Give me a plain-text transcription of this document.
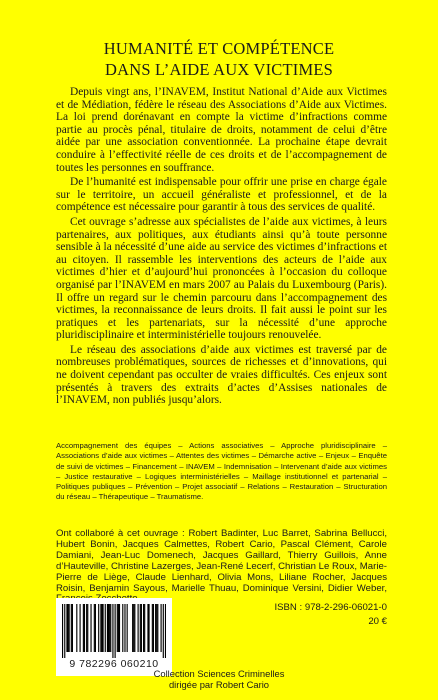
HUMANITÉ ET COMPÉTENCE
DANS L’AIDE AUX VICTIMES

Depuis vingt ans, l’INAVEM, Institut National d’Aide aux Victimes et de Médiation, fédère le réseau des Associations d’Aide aux Victimes. La loi prend dorénavant en compte la victime d’infractions comme partie au procès pénal, titulaire de droits, notamment de celui d’être aidée par une association conventionnée. La prochaine étape devrait conduire à l’effectivité réelle de ces droits et de l’accompagnement de toutes les personnes en souffrance.

De l’humanité est indispensable pour offrir une prise en charge égale sur le territoire, un accueil généraliste et professionnel, et de la compétence est nécessaire pour garantir à tous des services de qualité.

Cet ouvrage s’adresse aux spécialistes de l’aide aux victimes, à leurs partenaires, aux politiques, aux étudiants ainsi qu’à toute personne sensible à la nécessité d’une aide au service des victimes d’infractions et au citoyen. Il rassemble les interventions des acteurs de l’aide aux victimes d’hier et d’aujourd’hui prononcées à l’occasion du colloque organisé par l’INAVEM en mars 2007 au Palais du Luxembourg (Paris). Il offre un regard sur le chemin parcouru dans l’accompagnement des victimes, la reconnaissance de leurs droits. Il fait aussi le point sur les pratiques et les partenariats, sur la nécessité d’une approche pluridisciplinaire et interministérielle toujours renouvelée.

Le réseau des associations d’aide aux victimes est traversé par de nombreuses problématiques, sources de richesses et d’innovations, qui ne doivent cependant pas occulter de vraies difficultés. Ces enjeux sont présentés à travers des extraits d’actes d’Assises nationales de l’INAVEM, non publiés jusqu’alors.

Accompagnement des équipes – Actions associatives – Approche pluridisciplinaire – Associations d’aide aux victimes – Attentes des victimes – Démarche active – Enjeux – Enquête de suivi de victimes – Financement – INAVEM – Indemnisation – Intervenant d’aide aux victimes – Justice restaurative – Logiques interministérielles – Maillage institutionnel et partenarial – Politiques publiques – Prévention – Projet associatif – Relations – Restauration – Structuration du réseau – Thérapeutique – Traumatisme.
Ont collaboré à cet ouvrage : Robert Badinter, Luc Barret, Sabrina Bellucci, Hubert Bonin, Jacques Calmettes, Robert Cario, Pascal Clément, Carole Damiani, Jean-Luc Domenech, Jacques Gaillard, Thierry Guillois, Anne d’Hauteville, Christine Lazerges, Jean-René Lecerf, Christian Le Roux, Marie-Pierre de Liège, Claude Lienhard, Olivia Mons, Liliane Rocher, Jacques Roisin, Benjamin Sayous, Marielle Thuau, Dominique Versini, Didier Weber,
9 782296 060210
ISBN : 978-2-296-06021-0
20 €
Collection Sciences Criminelles
dirigée par Robert Cario
